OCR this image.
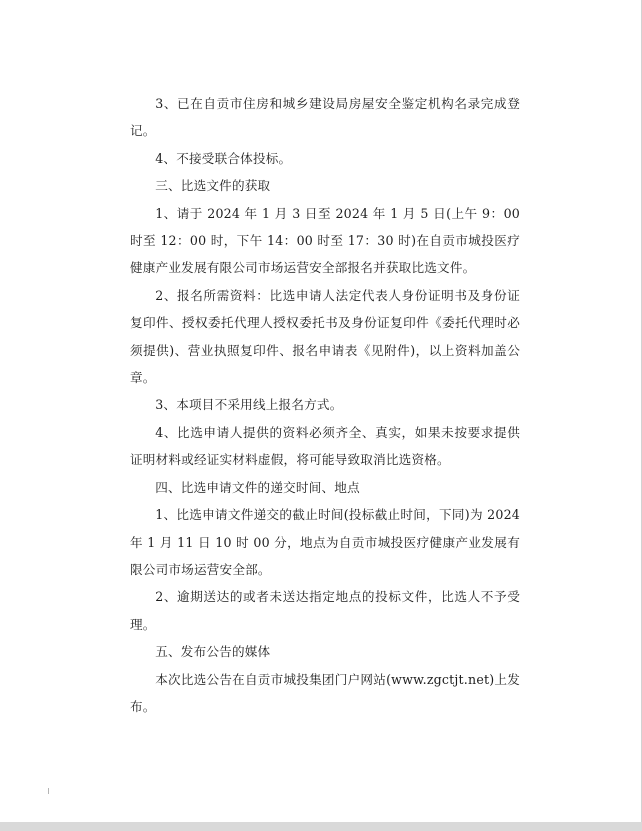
3、已在自贡市住房和城乡建设局房屋安全鉴定机构名录完成登记。

4、不接受联合体投标。

三、比选文件的获取

1、请于 2024 年 1 月 3 日至 2024 年 1 月 5 日(上午 9：00 时至 12：00 时，下午 14：00 时至 17：30 时)在自贡市城投医疗健康产业发展有限公司市场运营安全部报名并获取比选文件。

2、报名所需资料：比选申请人法定代表人身份证明书及身份证复印件、授权委托代理人授权委托书及身份证复印件《委托代理时必须提供)、营业执照复印件、报名申请表《见附件)，以上资料加盖公章。

3、本项目不采用线上报名方式。

4、比选申请人提供的资料必须齐全、真实，如果未按要求提供证明材料或经证实材料虚假，将可能导致取消比选资格。

四、比选申请文件的递交时间、地点

1、比选申请文件递交的截止时间(投标截止时间，下同)为 2024 年 1 月 11 日 10 时 00 分，地点为自贡市城投医疗健康产业发展有限公司市场运营安全部。

2、逾期送达的或者未送达指定地点的投标文件，比选人不予受理。

五、发布公告的媒体

本次比选公告在自贡市城投集团门户网站(www.zgctjt.net)上发布。
